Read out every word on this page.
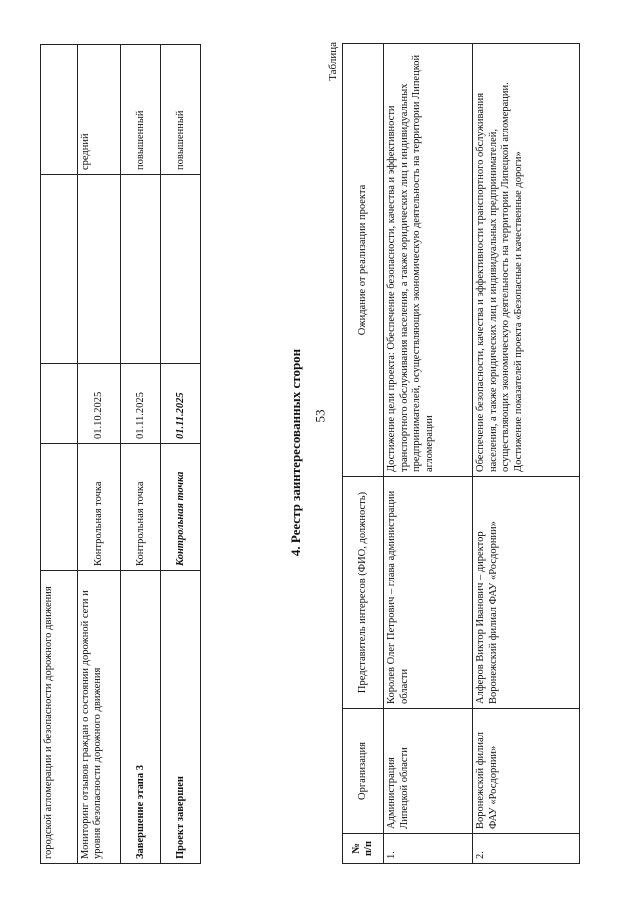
53
городской агломерации и безопасности дорожного движения				
Мониторинг отзывов граждан о состоянии дорожной сети и уровня безопасности дорожного движения	Контрольная точка	01.10.2025		средний
Завершение этапа 3	Контрольная точка	01.11.2025		повышенный
Проект завершен	Контрольная точка	01.11.2025		повышенный
4. Реестр заинтересованных сторон
Таблица
№ п/п	Организация	Представитель интересов (ФИО, должность)	Ожидание от реализации проекта
1.	Администрация Липецкой области	Королев Олег Петрович – глава администрации области	Достижение цели проекта: Обеспечение безопасности, качества и эффективности транспортного обслуживания населения, а также юридических лиц и индивидуальных предпринимателей, осуществляющих экономическую деятельность на территории Липецкой агломерации
2.	Воронежский филиал ФАУ «Росдорнии»	Алферов Виктор Иванович – директор Воронежский филиал ФАУ «Росдорнии»	Обеспечение безопасности, качества и эффективности транспортного обслуживания населения, а также юридических лиц и индивидуальных предпринимателей, осуществляющих экономическую деятельность на территории Липецкой агломерации. Достижение показателей проекта «Безопасные и качественные дороги»
